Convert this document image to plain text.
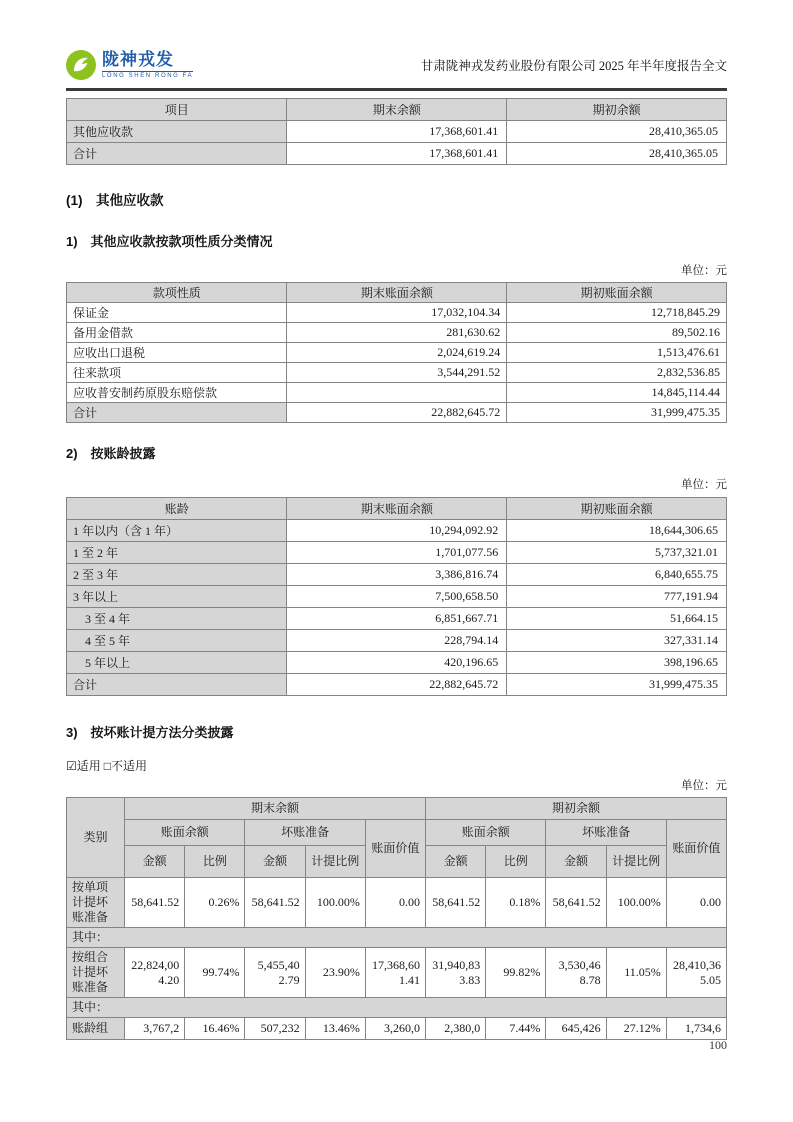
陇神戎发
LONG SHEN RONG FA
甘肃陇神戎发药业股份有限公司 2025 年半年度报告全文
项目	期末余额	期初余额
其他应收款	17,368,601.41	28,410,365.05
合计	17,368,601.41	28,410,365.05
(1)　其他应收款
1)　其他应收款按款项性质分类情况
单位：元
款项性质	期末账面余额	期初账面余额
保证金	17,032,104.34	12,718,845.29
备用金借款	281,630.62	89,502.16
应收出口退税	2,024,619.24	1,513,476.61
往来款项	3,544,291.52	2,832,536.85
应收普安制药原股东赔偿款		14,845,114.44
合计	22,882,645.72	31,999,475.35
2)　按账龄披露
单位：元
账龄	期末账面余额	期初账面余额
1 年以内（含 1 年）	10,294,092.92	18,644,306.65
1 至 2 年	1,701,077.56	5,737,321.01
2 至 3 年	3,386,816.74	6,840,655.75
3 年以上	7,500,658.50	777,191.94
　3 至 4 年	6,851,667.71	51,664.15
　4 至 5 年	228,794.14	327,331.14
　5 年以上	420,196.65	398,196.65
合计	22,882,645.72	31,999,475.35
3)　按坏账计提方法分类披露
☑适用 □不适用
单位：元
类别	期末余额					期初余额				
	账面余额		坏账准备		账面价值	账面余额		坏账准备		账面价值
	金额	比例	金额	计提比例		金额	比例	金额	计提比例	
按单项计提坏账准备	58,641.52	0.26%	58,641.52	100.00%	0.00	58,641.52	0.18%	58,641.52	100.00%	0.00
其中：										
按组合计提坏账准备	22,824,004.20	99.74%	5,455,402.79	23.90%	17,368,601.41	31,940,833.83	99.82%	3,530,468.78	11.05%	28,410,365.05
其中：										
账龄组	3,767,2	16.46%	507,232	13.46%	3,260,0	2,380,0	7.44%	645,426	27.12%	1,734,6
100
